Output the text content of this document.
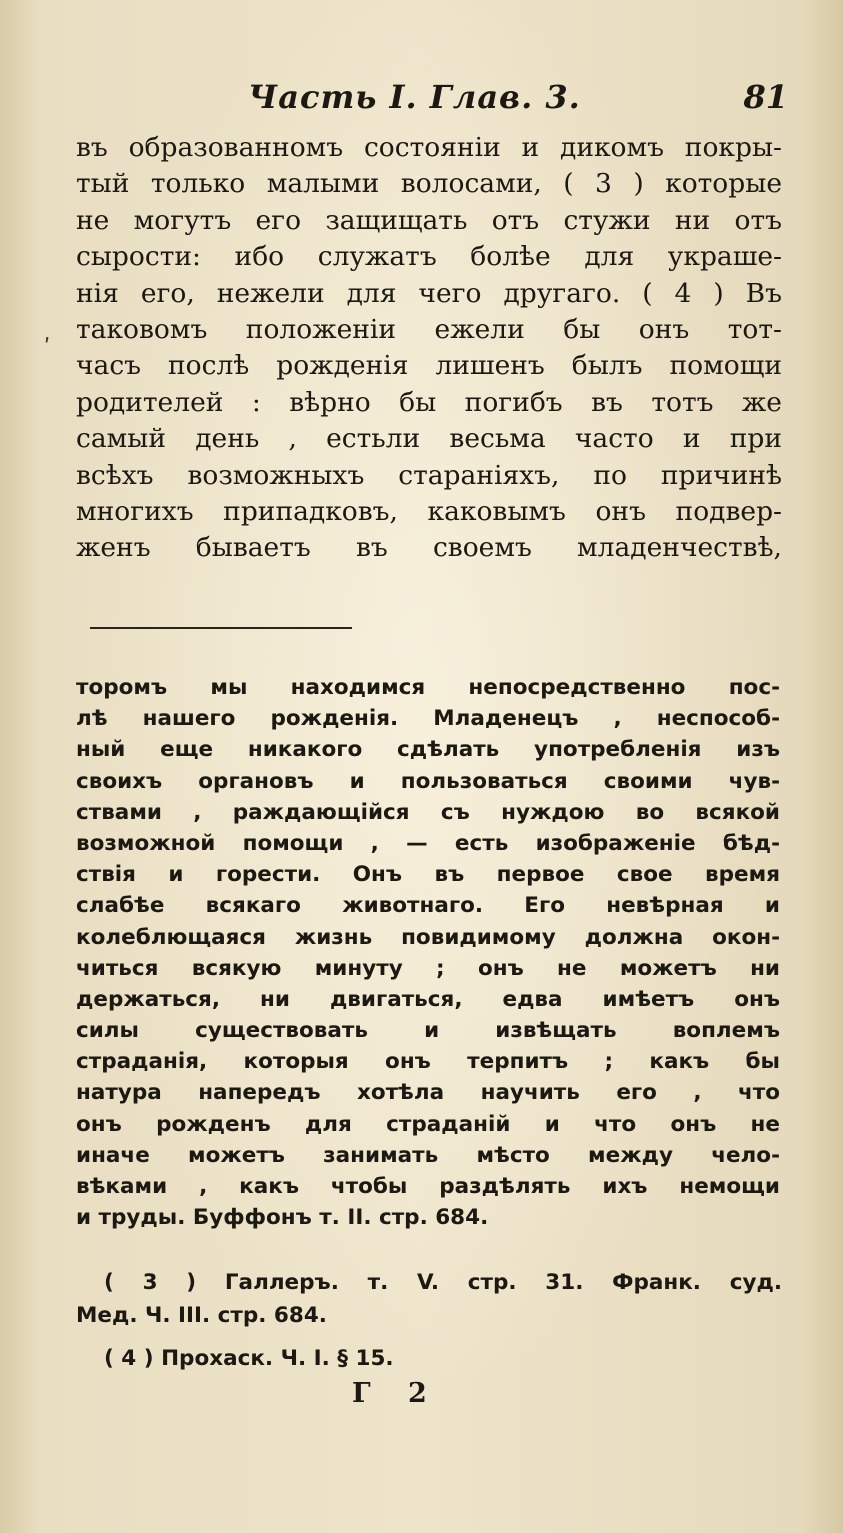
Часть I. Глав. 3.	81
въ образованномъ состояніи и дикомъ покры-
тый только малыми волосами, ( 3 ) которые
не могутъ его защищать отъ стужи ни отъ
сырости: ибо служатъ болѣе для украше-
нія его, нежели для чего другаго. ( 4 ) Въ
таковомъ положеніи ежели бы онъ тот-
часъ послѣ рожденія лишенъ былъ помощи
родителей : вѣрно бы погибъ въ тотъ же
самый день , естьли весьма часто и при
всѣхъ возможныхъ стараніяхъ, по причинѣ
многихъ припадковъ, каковымъ онъ подвер-
женъ бываетъ въ своемъ младенчествѣ,
торомъ мы находимся непосредственно пос-
лѣ нашего рожденія. Младенецъ , неспособ-
ный еще никакого сдѣлать употребленія изъ
своихъ органовъ и пользоваться своими чув-
ствами , раждающійся съ нуждою во всякой
возможной помощи , — есть изображеніе бѣд-
ствія и горести. Онъ въ первое свое время
слабѣе всякаго животнаго. Его невѣрная и
колеблющаяся жизнь повидимому должна окон-
читься всякую минуту ; онъ не можетъ ни
держаться, ни двигаться, едва имѣетъ онъ
силы существовать и извѣщать воплемъ
страданія, которыя онъ терпитъ ; какъ бы
натура напередъ хотѣла научить его , что
онъ рожденъ для страданій и что онъ не
иначе можетъ занимать мѣсто между чело-
вѣками , какъ чтобы раздѣлять ихъ немощи
и труды. Буффонъ т. II. стр. 684.
( 3 ) Галлеръ. т. V. стр. 31. Франк. суд.
Мед. Ч. III. стр. 684.
( 4 ) Прохаск. Ч. I. § 15.
Г 2
ʹ
